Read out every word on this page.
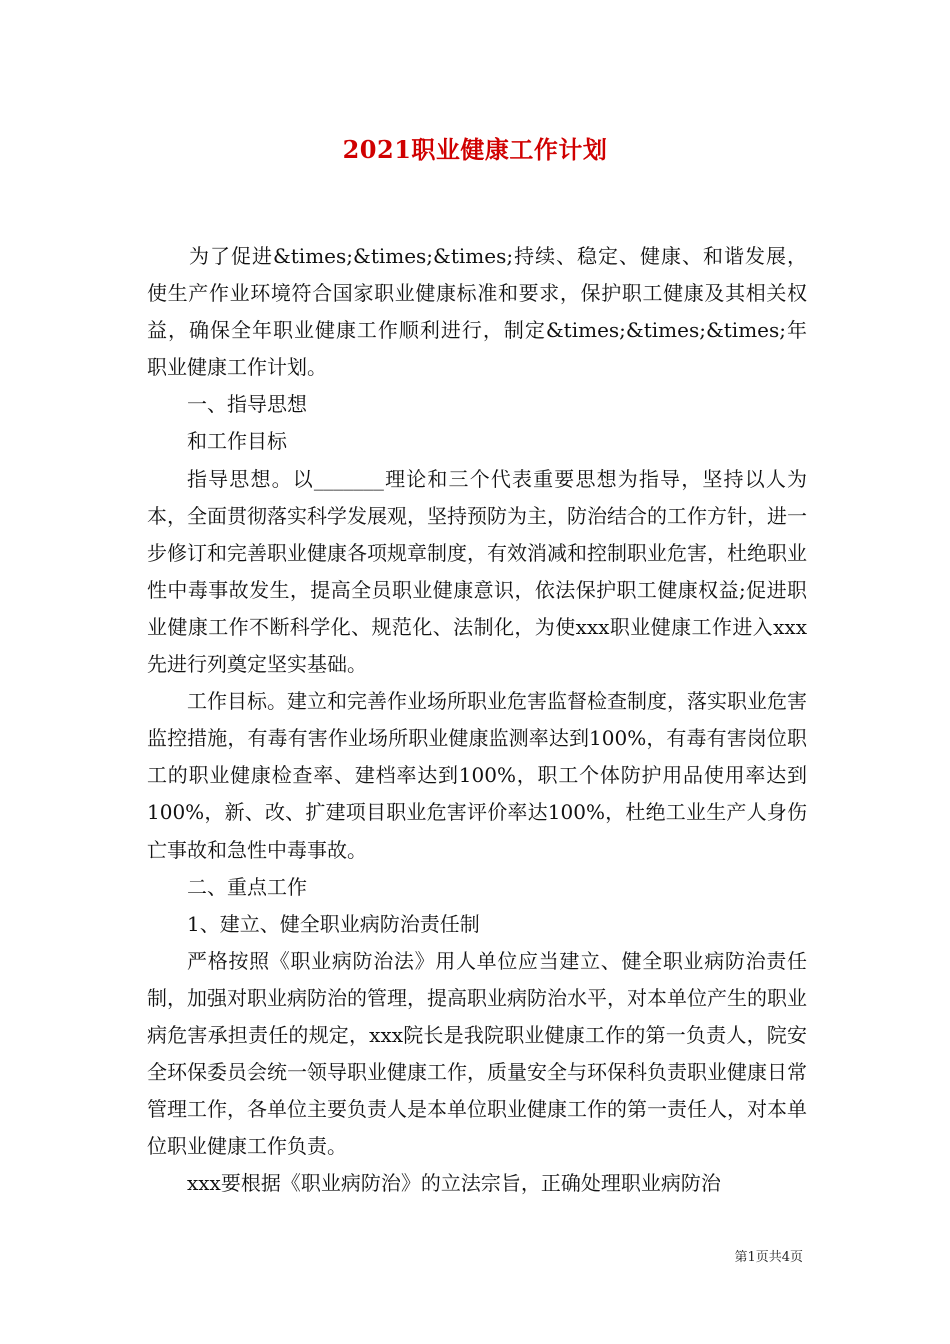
2021职业健康工作计划

为了促进&times;&times;&times;持续、稳定、健康、和谐发展，使生产作业环境符合国家职业健康标准和要求，保护职工健康及其相关权益，确保全年职业健康工作顺利进行，制定&times;&times;&times;年职业健康工作计划。

一、指导思想

和工作目标

指导思想。以_______理论和三个代表重要思想为指导，坚持以人为本，全面贯彻落实科学发展观，坚持预防为主，防治结合的工作方针，进一步修订和完善职业健康各项规章制度，有效消减和控制职业危害，杜绝职业性中毒事故发生，提高全员职业健康意识，依法保护职工健康权益;促进职业健康工作不断科学化、规范化、法制化，为使xxx职业健康工作进入xxx先进行列奠定坚实基础。

工作目标。建立和完善作业场所职业危害监督检查制度，落实职业危害监控措施，有毒有害作业场所职业健康监测率达到100%，有毒有害岗位职工的职业健康检查率、建档率达到100%，职工个体防护用品使用率达到100%，新、改、扩建项目职业危害评价率达100%，杜绝工业生产人身伤亡事故和急性中毒事故。

二、重点工作

1、建立、健全职业病防治责任制

严格按照《职业病防治法》用人单位应当建立、健全职业病防治责任制，加强对职业病防治的管理，提高职业病防治水平，对本单位产生的职业病危害承担责任的规定，xxx院长是我院职业健康工作的第一负责人，院安全环保委员会统一领导职业健康工作，质量安全与环保科负责职业健康日常管理工作，各单位主要负责人是本单位职业健康工作的第一责任人，对本单位职业健康工作负责。

xxx要根据《职业病防治》的立法宗旨，正确处理职业病防治

第1页共4页
